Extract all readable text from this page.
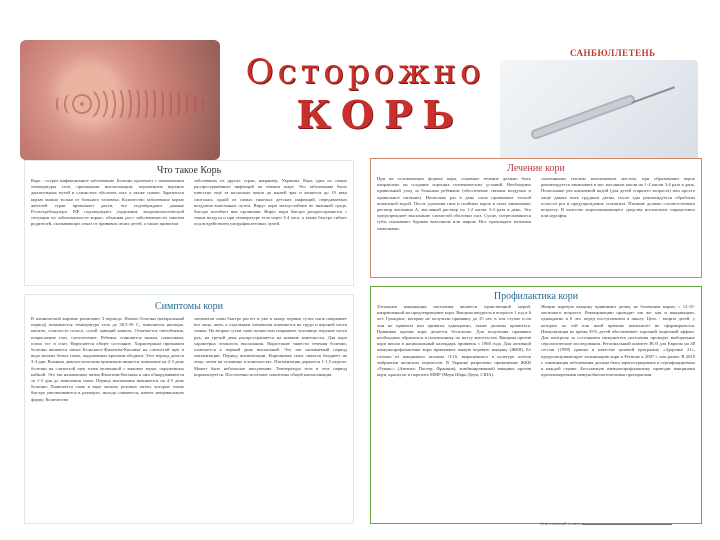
САНБЮЛЛЕТЕНЬ
Осторожно
КОРЬ
Что такое Корь

Корь - острое инфекционное заболевание. Болезнь протекает с повышением температуры тела, признаками интоксикации, поражением верхних дыхательных путей и слизистых оболочек глаз, а также сыпью. Заразиться корью можно только от больного человека. Количество заболевших корью жителей стран превышает расти, что подтверждают данные Роспотребнадзора. РФ подтверждает ухудшение эпидемиологической ситуации по заболеваемости корью, объясняя рост заболеваемости завозом родителей, оказывающих отказ от прививок своих детей, а также привозом

заболевших из других стран, например, Украины. Корь одна из самых распространённых инфекций на земном шаре. Это заболевание было известно ещё за несколько веков до нашей эры и является до 19 века считалась одной из самых тяжелых детских инфекций, передаваемых воздушно-капельным путем. Вирус кори малоустойчив во внешней среде, быстро погибает вне организма. Вирус кори быстро распространяется с током воздуха и при температуре тела через 3-4 часа, а также быстро гибнет под воздействием ультрафиолетовых лучей.

Лечение кори

При не осложненных формах кори, основное лечение должно быть направлено на создание хороших гигиенических условий. Необходимо правильный уход за больным ребенком (обеспечение свежим воздухом и правильное питание). Несколько раз в день глаза промывают теплой кипяченой водой. После удаления гноя и гнойных корок в глаза закапывают раствор витамина А, масляный раствор по 1-2 капли 3-4 раза в день. Это предупреждает высыхание слизистой оболочки глаз. Сухие, потрескавшиеся губы смазывают борным вазелином или жиром. Нос прочищают ватными тампонами,

смоченными теплым вазелиновым маслом, при образовании корок рекомендуется закапывать в нос масляные капли по 1-2 капли 3-4 раза в день. Полоскание рта кипяченой водой (для детей старшего возраста) или просто чаще давать пить грудным детям, после еды рекомендуется обработка полости рта и предупреждение стоматита. Питание должно соответствовать возрасту. В качестве жаропонижающего средства используют парацетамол или нурофен.

Симптомы кори

В клинической картине различают 3 периода. Начало болезни (катаральный период) повышается температура тела до 38,5-39 С, появляется насморк, кашель, осиплость голоса, сухой лающий кашель. Отмечается светобоязнь, покраснение глаз, слезотечение. Ребенок становится вялым, плаксивым, плохо ест и спит. Нарушается общее состояние. Характерным признаком болезни являются пятна Бельского-Филатова-Коплика на слизистой щек в виде мелких белых точек, окруженных красным ободком. Этот период длится 3-4 дня. Важным диагностическим признаком является появление на 2-3 день болезни на слизистой щек точек величиной с маковое зерно, окруженных каймой. Это так называемые пятна Филатова-Коплика и они обнаруживаются за 1-3 дня до появления сыпи. Период высыпания начинается на 4-5 день болезни. Появляется сыпь в виде мелких розовых пятен, которые очень быстро увеличиваются в размерах, иногда сливаются, имеют неправильную форму. Количество

элементов сыпи быстро растет и уже к концу первых суток сыпь покрывает все лицо, шею, к отдельным элементам появляется на груди и верхней части спины. На вторые сутки сыпь полностью покрывает туловище, верхние части рук, на третий день распространяется на нижние конечности. Для кори характерна этапность высыпания. Нарастание тяжести течения болезни, отмечается в первый день высыпаний. Это так называемый период пигментации. Период пигментации. Коричневая сыпь сначала бледнеет на лице, затем на туловище и конечностях. Пигментация держится 1-1,5 недели. Может быть небольшое шелушение. Температура тела в этот период нормализуется. Постепенно исчезают симптомы общей интоксикации.

Профилактика кори

Тотальная вакцинация населения является единственной мерой, направленной на предотвращение кори. Вакцина вводится в возрасте 1 год и 6 лет. Граждане, которые не получили прививку до 35 лет, в том случае если они не привиты или привиты однократно, также должны привиться. Прививка против кори делается бесплатно. Для получения прививки необходимо обратиться в поликлинику по месту жительства. Вакцина против кори вошла в национальный календарь прививок с 1968 года. Для активной иммунопрофилактики кори применяют живую коревую вакцину (ЖКВ). Ее готовят из вакцинного штамма Л-16, выращенного в культуре клеток эмбрионов японских перепелов. В Украине разрешено применение ЖКВ «Рувакс» (Авентис Пастер, Франция), комбинированной вакцины против кори, краснухи и паротита ММР (Мерк Шарп Доум, США).

Живую коревую вакцину прививают детям, не болевшим корью, с 12-15-месячного возраста. Ревакцинацию проводят так же, как и вакцинацию, однократно в 6 лет, перед поступлением в школу. Цель - защита детей, у которых по той или иной причине иммунитет не сформировался. Иммунизация во время 95% детей обеспечивает хороший защитный эффект. Для контроля за состоянием иммунитета населения проводят выборочные серологические исследования. Региональный комитет ВОЗ для Европы на 48 сессии (1998) принял в качестве целевой программу «Здоровье 21», предусматривающую элиминацию кори в Регионе к 2007 г. или ранее. В 2010 г. элиминация заболевания должна быть зарегистрирована и сертифицирована в каждой стране. Бесплатную иммунопрофилактику проводят вакцинами противокоревыми иммунобиологическими препаратами.

Ответственный за выпуск:
